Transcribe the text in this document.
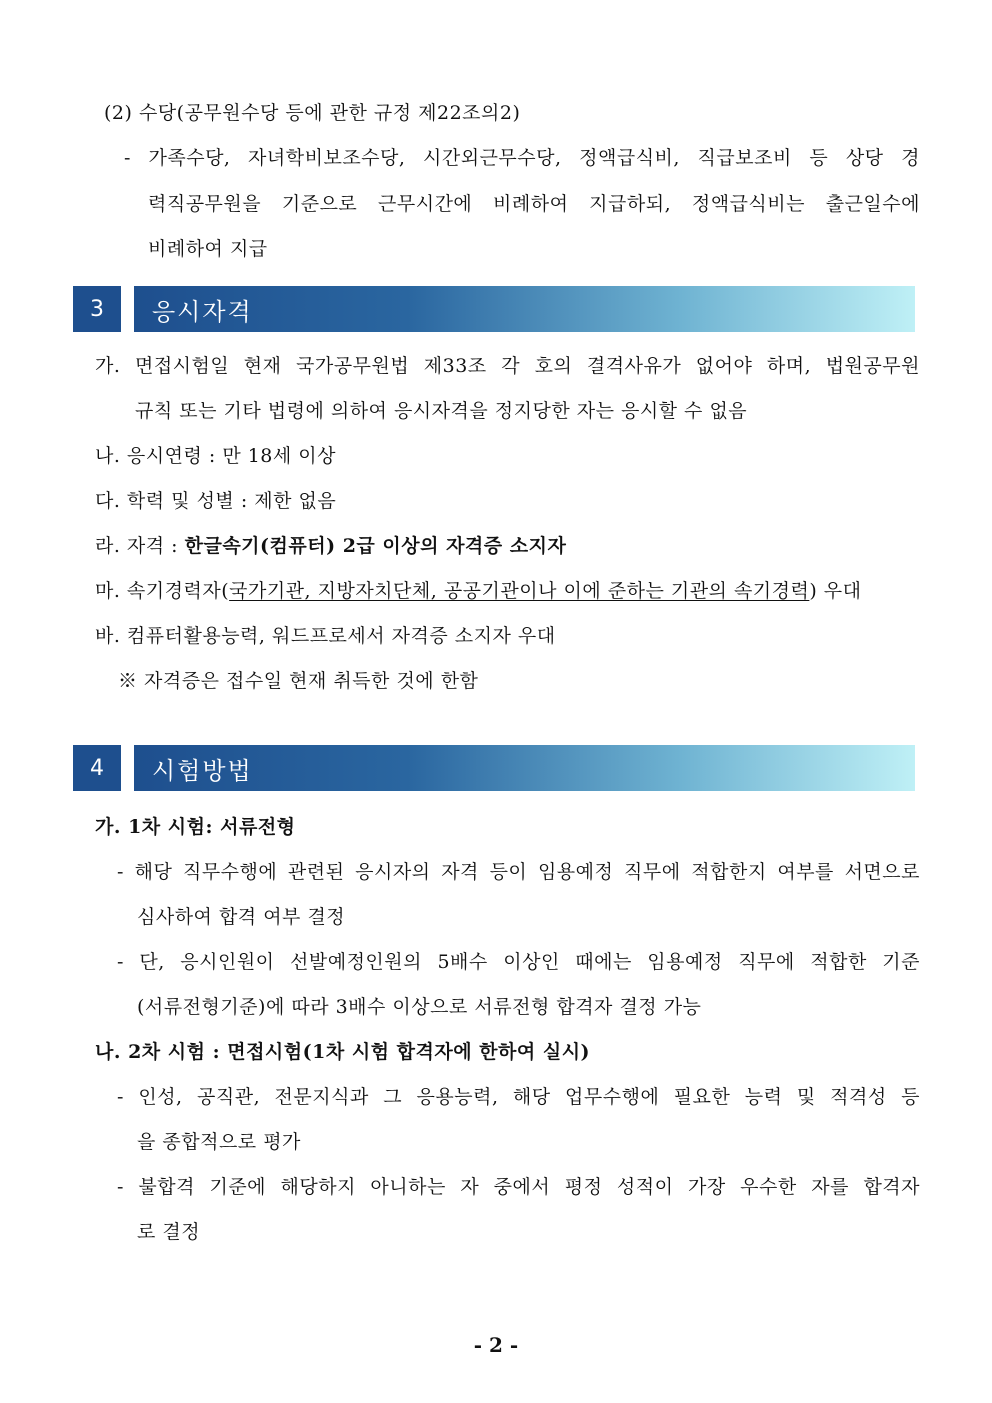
(2) 수당(공무원수당 등에 관한 규정 제22조의2)
- 가족수당, 자녀학비보조수당, 시간외근무수당, 정액급식비, 직급보조비 등 상당 경
력직공무원을 기준으로 근무시간에 비례하여 지급하되, 정액급식비는 출근일수에
비례하여 지급
3	응시자격
가. 면접시험일 현재 국가공무원법 제33조 각 호의 결격사유가 없어야 하며, 법원공무원
규칙 또는 기타 법령에 의하여 응시자격을 정지당한 자는 응시할 수 없음
나. 응시연령 : 만 18세 이상
다. 학력 및 성별 : 제한 없음
라. 자격 : 한글속기(컴퓨터) 2급 이상의 자격증 소지자
마. 속기경력자(국가기관, 지방자치단체, 공공기관이나 이에 준하는 기관의 속기경력) 우대
바. 컴퓨터활용능력, 워드프로세서 자격증 소지자 우대
※ 자격증은 접수일 현재 취득한 것에 한함
4	시험방법
가. 1차 시험: 서류전형
- 해당 직무수행에 관련된 응시자의 자격 등이 임용예정 직무에 적합한지 여부를 서면으로
심사하여 합격 여부 결정
- 단, 응시인원이 선발예정인원의 5배수 이상인 때에는 임용예정 직무에 적합한 기준
(서류전형기준)에 따라 3배수 이상으로 서류전형 합격자 결정 가능
나. 2차 시험 : 면접시험(1차 시험 합격자에 한하여 실시)
- 인성, 공직관, 전문지식과 그 응용능력, 해당 업무수행에 필요한 능력 및 적격성 등
을 종합적으로 평가
- 불합격 기준에 해당하지 아니하는 자 중에서 평정 성적이 가장 우수한 자를 합격자
로 결정
- 2 -
